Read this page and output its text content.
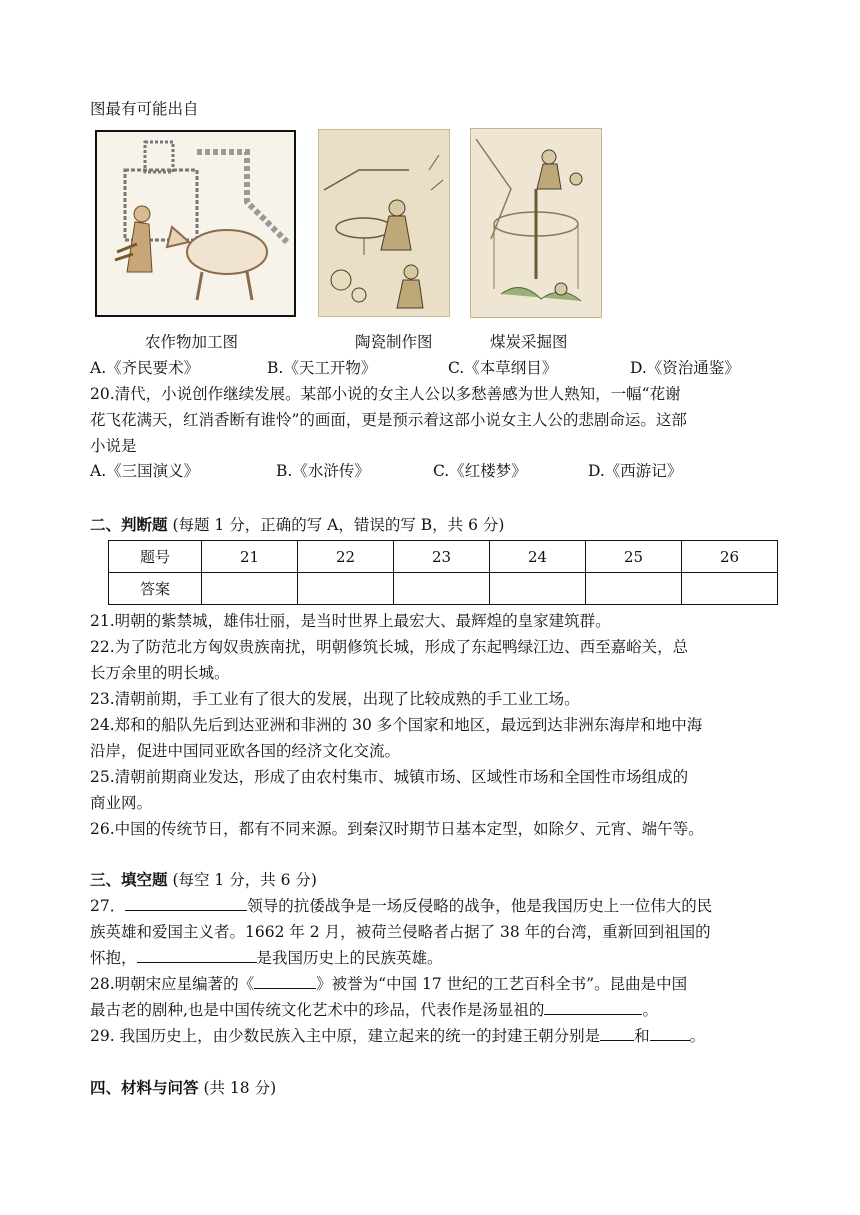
图最有可能出自
农作物加工图	陶瓷制作图	煤炭采掘图
A.《齐民要术》	B.《天工开物》	C.《本草纲目》	D.《资治通鉴》
20.清代，小说创作继续发展。某部小说的女主人公以多愁善感为世人熟知，一幅“花谢
花飞花满天，红消香断有谁怜”的画面，更是预示着这部小说女主人公的悲剧命运。这部
小说是
A.《三国演义》	B.《水浒传》	C.《红楼梦》	D.《西游记》
二、判断题 (每题 1 分，正确的写 A，错误的写 B，共 6 分)
题号	21	22	23	24	25	26
答案						
21.明朝的紫禁城，雄伟壮丽，是当时世界上最宏大、最辉煌的皇家建筑群。
22.为了防范北方匈奴贵族南扰，明朝修筑长城，形成了东起鸭绿江边、西至嘉峪关，总
长万余里的明长城。
23.清朝前期，手工业有了很大的发展，出现了比较成熟的手工业工场。
24.郑和的船队先后到达亚洲和非洲的 30 多个国家和地区，最远到达非洲东海岸和地中海
沿岸，促进中国同亚欧各国的经济文化交流。
25.清朝前期商业发达，形成了由农村集市、城镇市场、区域性市场和全国性市场组成的
商业网。
26.中国的传统节日，都有不同来源。到秦汉时期节日基本定型，如除夕、元宵、端午等。
三、填空题 (每空 1 分，共 6 分)
27．	领导的抗倭战争是一场反侵略的战争，他是我国历史上一位伟大的民
族英雄和爱国主义者。1662 年 2 月，被荷兰侵略者占据了 38 年的台湾，重新回到祖国的
怀抱，	是我国历史上的民族英雄。
28.明朝宋应星编著的《	》被誉为“中国 17 世纪的工艺百科全书”。昆曲是中国
最古老的剧种,也是中国传统文化艺术中的珍品，代表作是汤显祖的	。
29. 我国历史上，由少数民族入主中原，建立起来的统一的封建王朝分别是 和	。
四、材料与问答 (共 18 分)
